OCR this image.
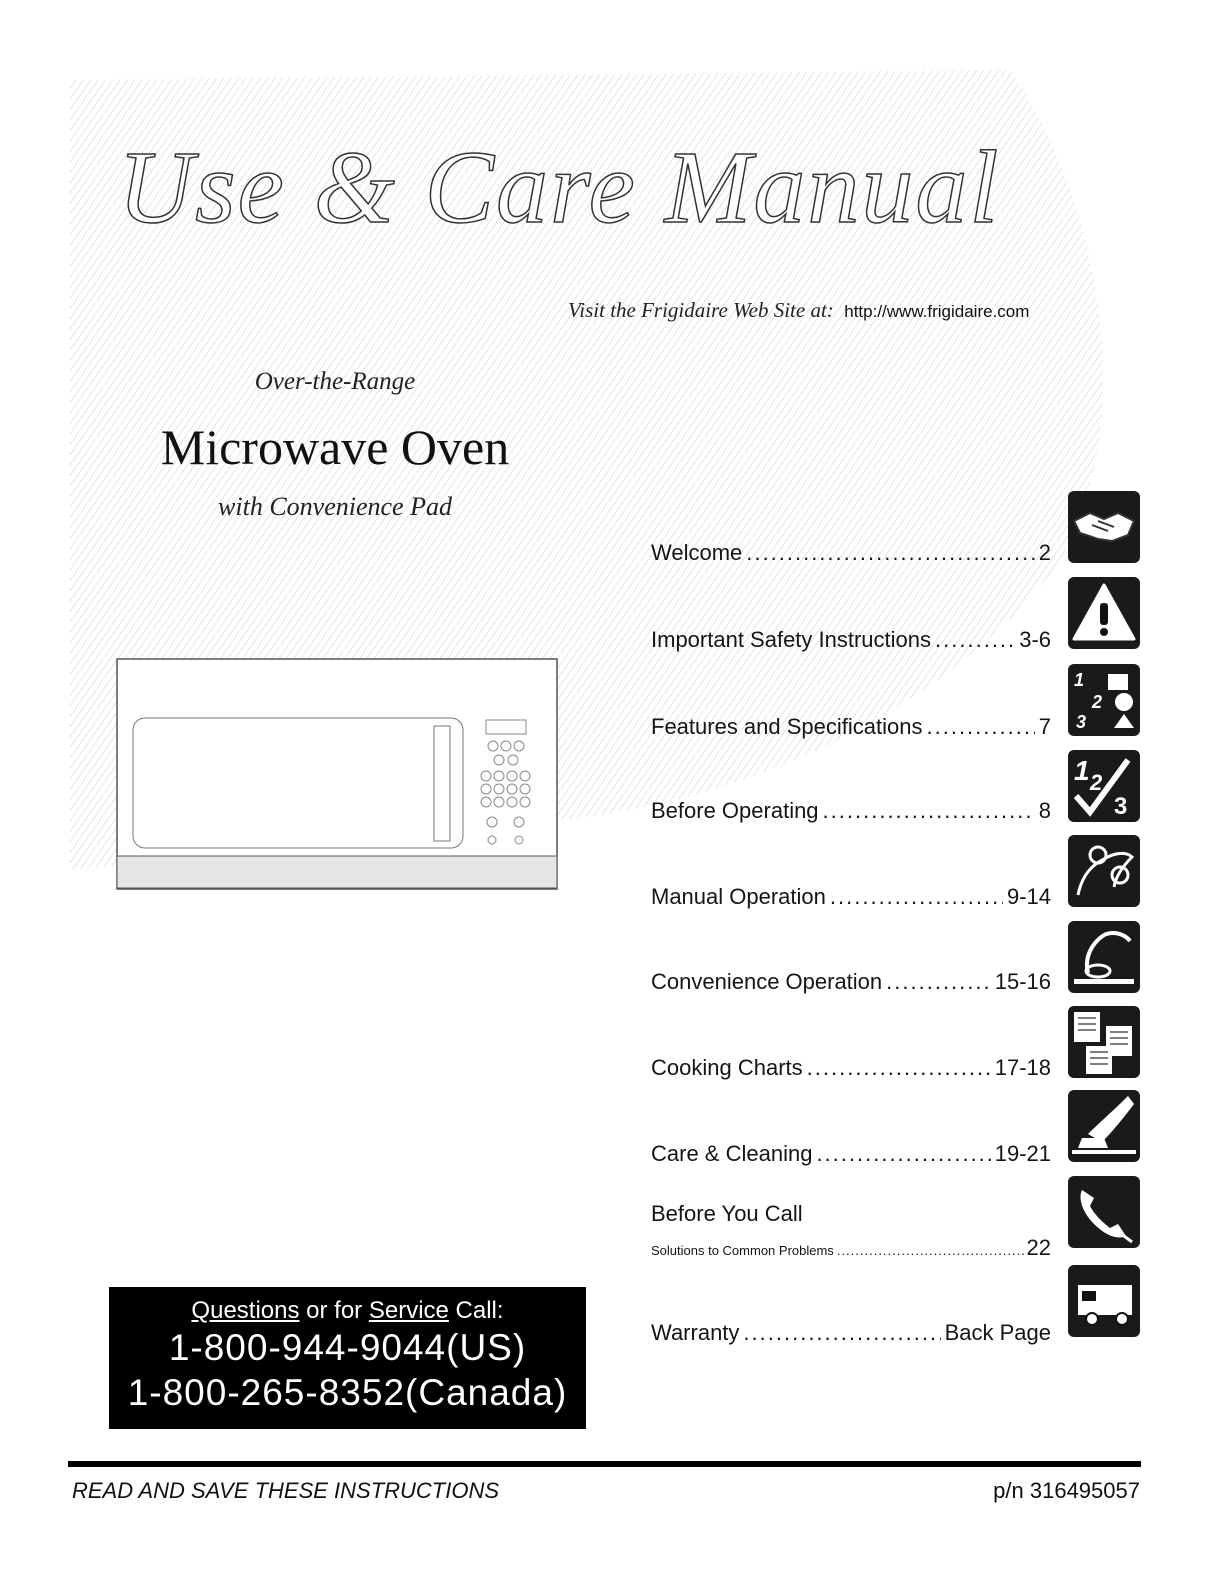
Use & Care Manual
Visit the Frigidaire Web Site at: http://www.frigidaire.com
Over-the-Range
Microwave Oven
with Convenience Pad
Welcome .....	2
Important Safety Instructions .....	3-6
Features and Specifications .....	7
Before Operating .....	8
Manual Operation .....	9-14
Convenience Operation .....	15-16
Cooking Charts .....	17-18
Care & Cleaning .....	19-21
Before You Call
Solutions to Common Problems .....	22
Warranty .....	Back Page
1
2
3
1 2
3
Questions or for Service Call:
1-800-944-9044(US)
1-800-265-8352(Canada)
READ AND SAVE THESE INSTRUCTIONS	p/n 316495057
